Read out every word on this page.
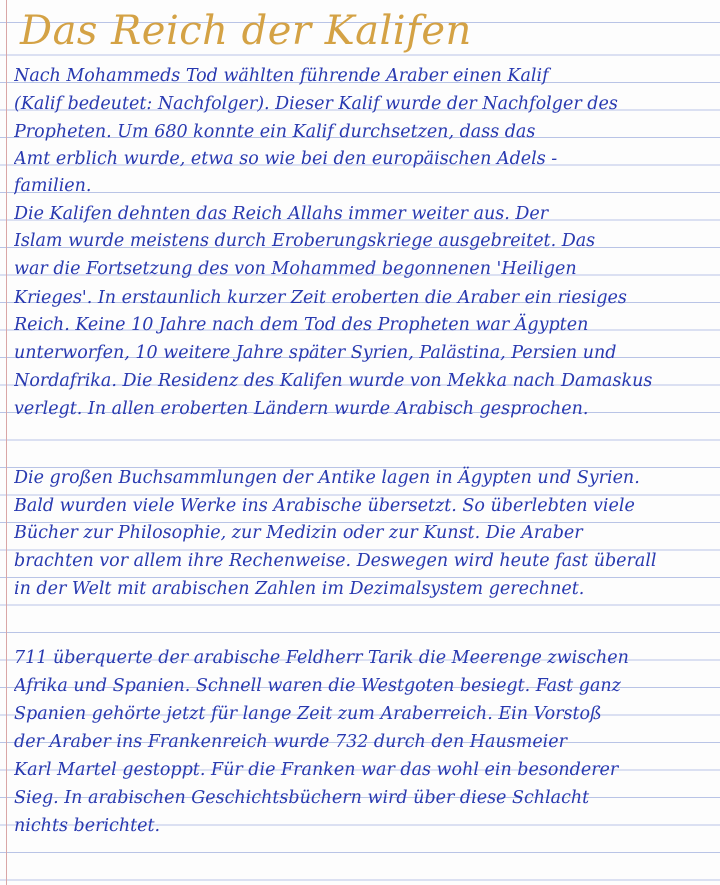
Das Reich der Kalifen

Nach Mohammeds Tod wählten führende Araber einen Kalif

(Kalif bedeutet: Nachfolger). Dieser Kalif wurde der Nachfolger des

Propheten. Um 680 konnte ein Kalif durchsetzen, dass das

Amt erblich wurde, etwa so wie bei den europäischen Adels -

familien.

Die Kalifen dehnten das Reich Allahs immer weiter aus. Der

Islam wurde meistens durch Eroberungskriege ausgebreitet. Das

war die Fortsetzung des von Mohammed begonnenen 'Heiligen

Krieges'. In erstaunlich kurzer Zeit eroberten die Araber ein riesiges

Reich. Keine 10 Jahre nach dem Tod des Propheten war Ägypten

unterworfen, 10 weitere Jahre später Syrien, Palästina, Persien und

Nordafrika. Die Residenz des Kalifen wurde von Mekka nach Damaskus

verlegt. In allen eroberten Ländern wurde Arabisch gesprochen.

Die großen Buchsammlungen der Antike lagen in Ägypten und Syrien.

Bald wurden viele Werke ins Arabische übersetzt. So überlebten viele

Bücher zur Philosophie, zur Medizin oder zur Kunst. Die Araber

brachten vor allem ihre Rechenweise. Deswegen wird heute fast überall

in der Welt mit arabischen Zahlen im Dezimalsystem gerechnet.

711 überquerte der arabische Feldherr Tarik die Meerenge zwischen

Afrika und Spanien. Schnell waren die Westgoten besiegt. Fast ganz

Spanien gehörte jetzt für lange Zeit zum Araberreich. Ein Vorstoß

der Araber ins Frankenreich wurde 732 durch den Hausmeier

Karl Martel gestoppt. Für die Franken war das wohl ein besonderer

Sieg. In arabischen Geschichtsbüchern wird über diese Schlacht

nichts berichtet.
